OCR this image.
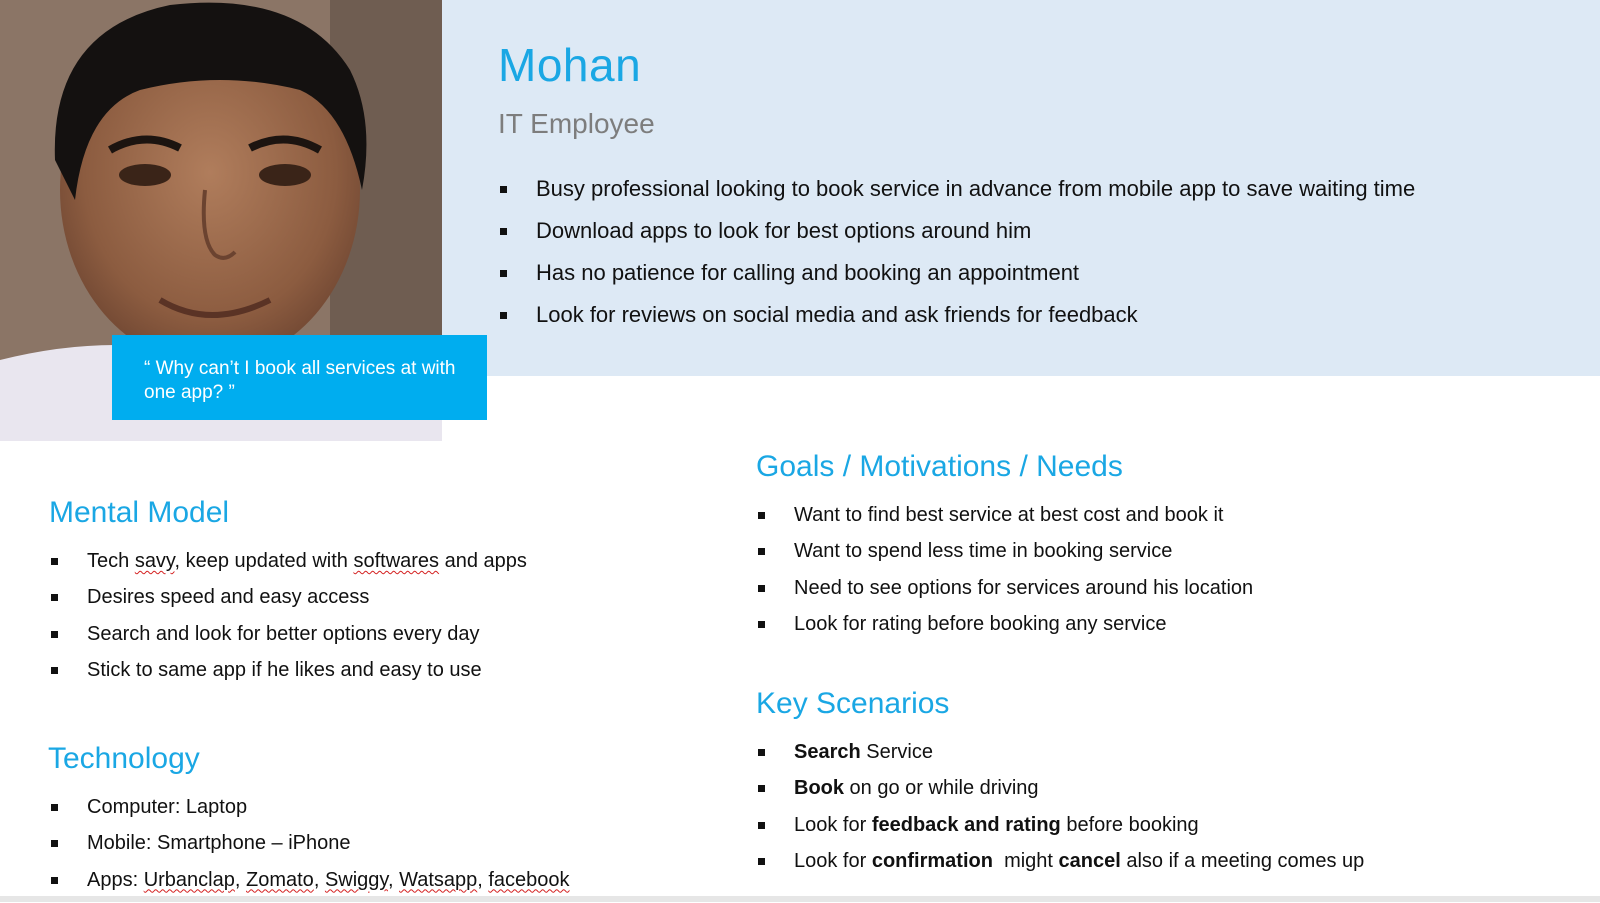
“ Why can’t I book all services at with one app? ”
Mohan
IT Employee
Busy professional looking to book service in advance from mobile app to save waiting time
Download apps to look for best options around him
Has no patience for calling and booking an appointment
Look for reviews on social media and ask friends for feedback
Mental Model
Tech savy, keep updated with softwares and apps
Desires speed and easy access
Search and look for better options every day
Stick to same app if he likes and easy to use
Technology
Computer: Laptop
Mobile: Smartphone – iPhone
Apps: Urbanclap, Zomato, Swiggy, Watsapp, facebook
Goals / Motivations / Needs
Want to find best service at best cost and book it
Want to spend less time in booking service
Need to see options for services around his location
Look for rating before booking any service
Key Scenarios
Search Service
Book on go or while driving
Look for feedback and rating before booking
Look for confirmation  might cancel also if a meeting comes up
